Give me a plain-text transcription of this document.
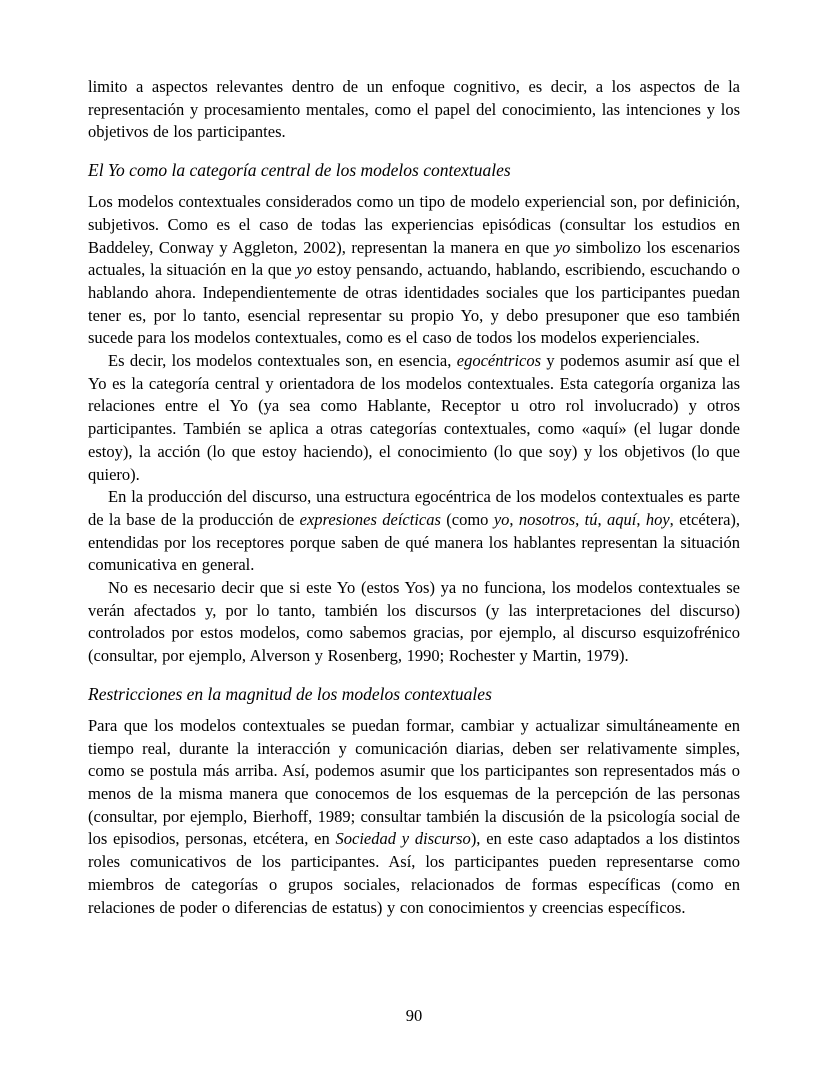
limito a aspectos relevantes dentro de un enfoque cognitivo, es decir, a los aspectos de la representación y procesamiento mentales, como el papel del conocimiento, las intenciones y los objetivos de los participantes.

El Yo como la categoría central de los modelos contextuales

Los modelos contextuales considerados como un tipo de modelo experiencial son, por definición, subjetivos. Como es el caso de todas las experiencias episódicas (consultar los estudios en Baddeley, Conway y Aggleton, 2002), representan la manera en que yo simbolizo los escenarios actuales, la situación en la que yo estoy pensando, actuando, hablando, escribiendo, escuchando o hablando ahora. Independientemente de otras identidades sociales que los participantes puedan tener es, por lo tanto, esencial representar su propio Yo, y debo presuponer que eso también sucede para los modelos contextuales, como es el caso de todos los modelos experienciales.

Es decir, los modelos contextuales son, en esencia, egocéntricos y podemos asumir así que el Yo es la categoría central y orientadora de los modelos contextuales. Esta categoría organiza las relaciones entre el Yo (ya sea como Hablante, Receptor u otro rol involucrado) y otros participantes. También se aplica a otras categorías contextuales, como «aquí» (el lugar donde estoy), la acción (lo que estoy haciendo), el conocimiento (lo que soy) y los objetivos (lo que quiero).

En la producción del discurso, una estructura egocéntrica de los modelos contextuales es parte de la base de la producción de expresiones deícticas (como yo, nosotros, tú, aquí, hoy, etcétera), entendidas por los receptores porque saben de qué manera los hablantes representan la situación comunicativa en general.

No es necesario decir que si este Yo (estos Yos) ya no funciona, los modelos contextuales se verán afectados y, por lo tanto, también los discursos (y las interpretaciones del discurso) controlados por estos modelos, como sabemos gracias, por ejemplo, al discurso esquizofrénico (consultar, por ejemplo, Alverson y Rosenberg, 1990; Rochester y Martin, 1979).

Restricciones en la magnitud de los modelos contextuales

Para que los modelos contextuales se puedan formar, cambiar y actualizar simultáneamente en tiempo real, durante la interacción y comunicación diarias, deben ser relativamente simples, como se postula más arriba. Así, podemos asumir que los participantes son representados más o menos de la misma manera que conocemos de los esquemas de la percepción de las personas (consultar, por ejemplo, Bierhoff, 1989; consultar también la discusión de la psicología social de los episodios, personas, etcétera, en Sociedad y discurso), en este caso adaptados a los distintos roles comunicativos de los participantes. Así, los participantes pueden representarse como miembros de categorías o grupos sociales, relacionados de formas específicas (como en relaciones de poder o diferencias de estatus) y con conocimientos y creencias específicos.

90
